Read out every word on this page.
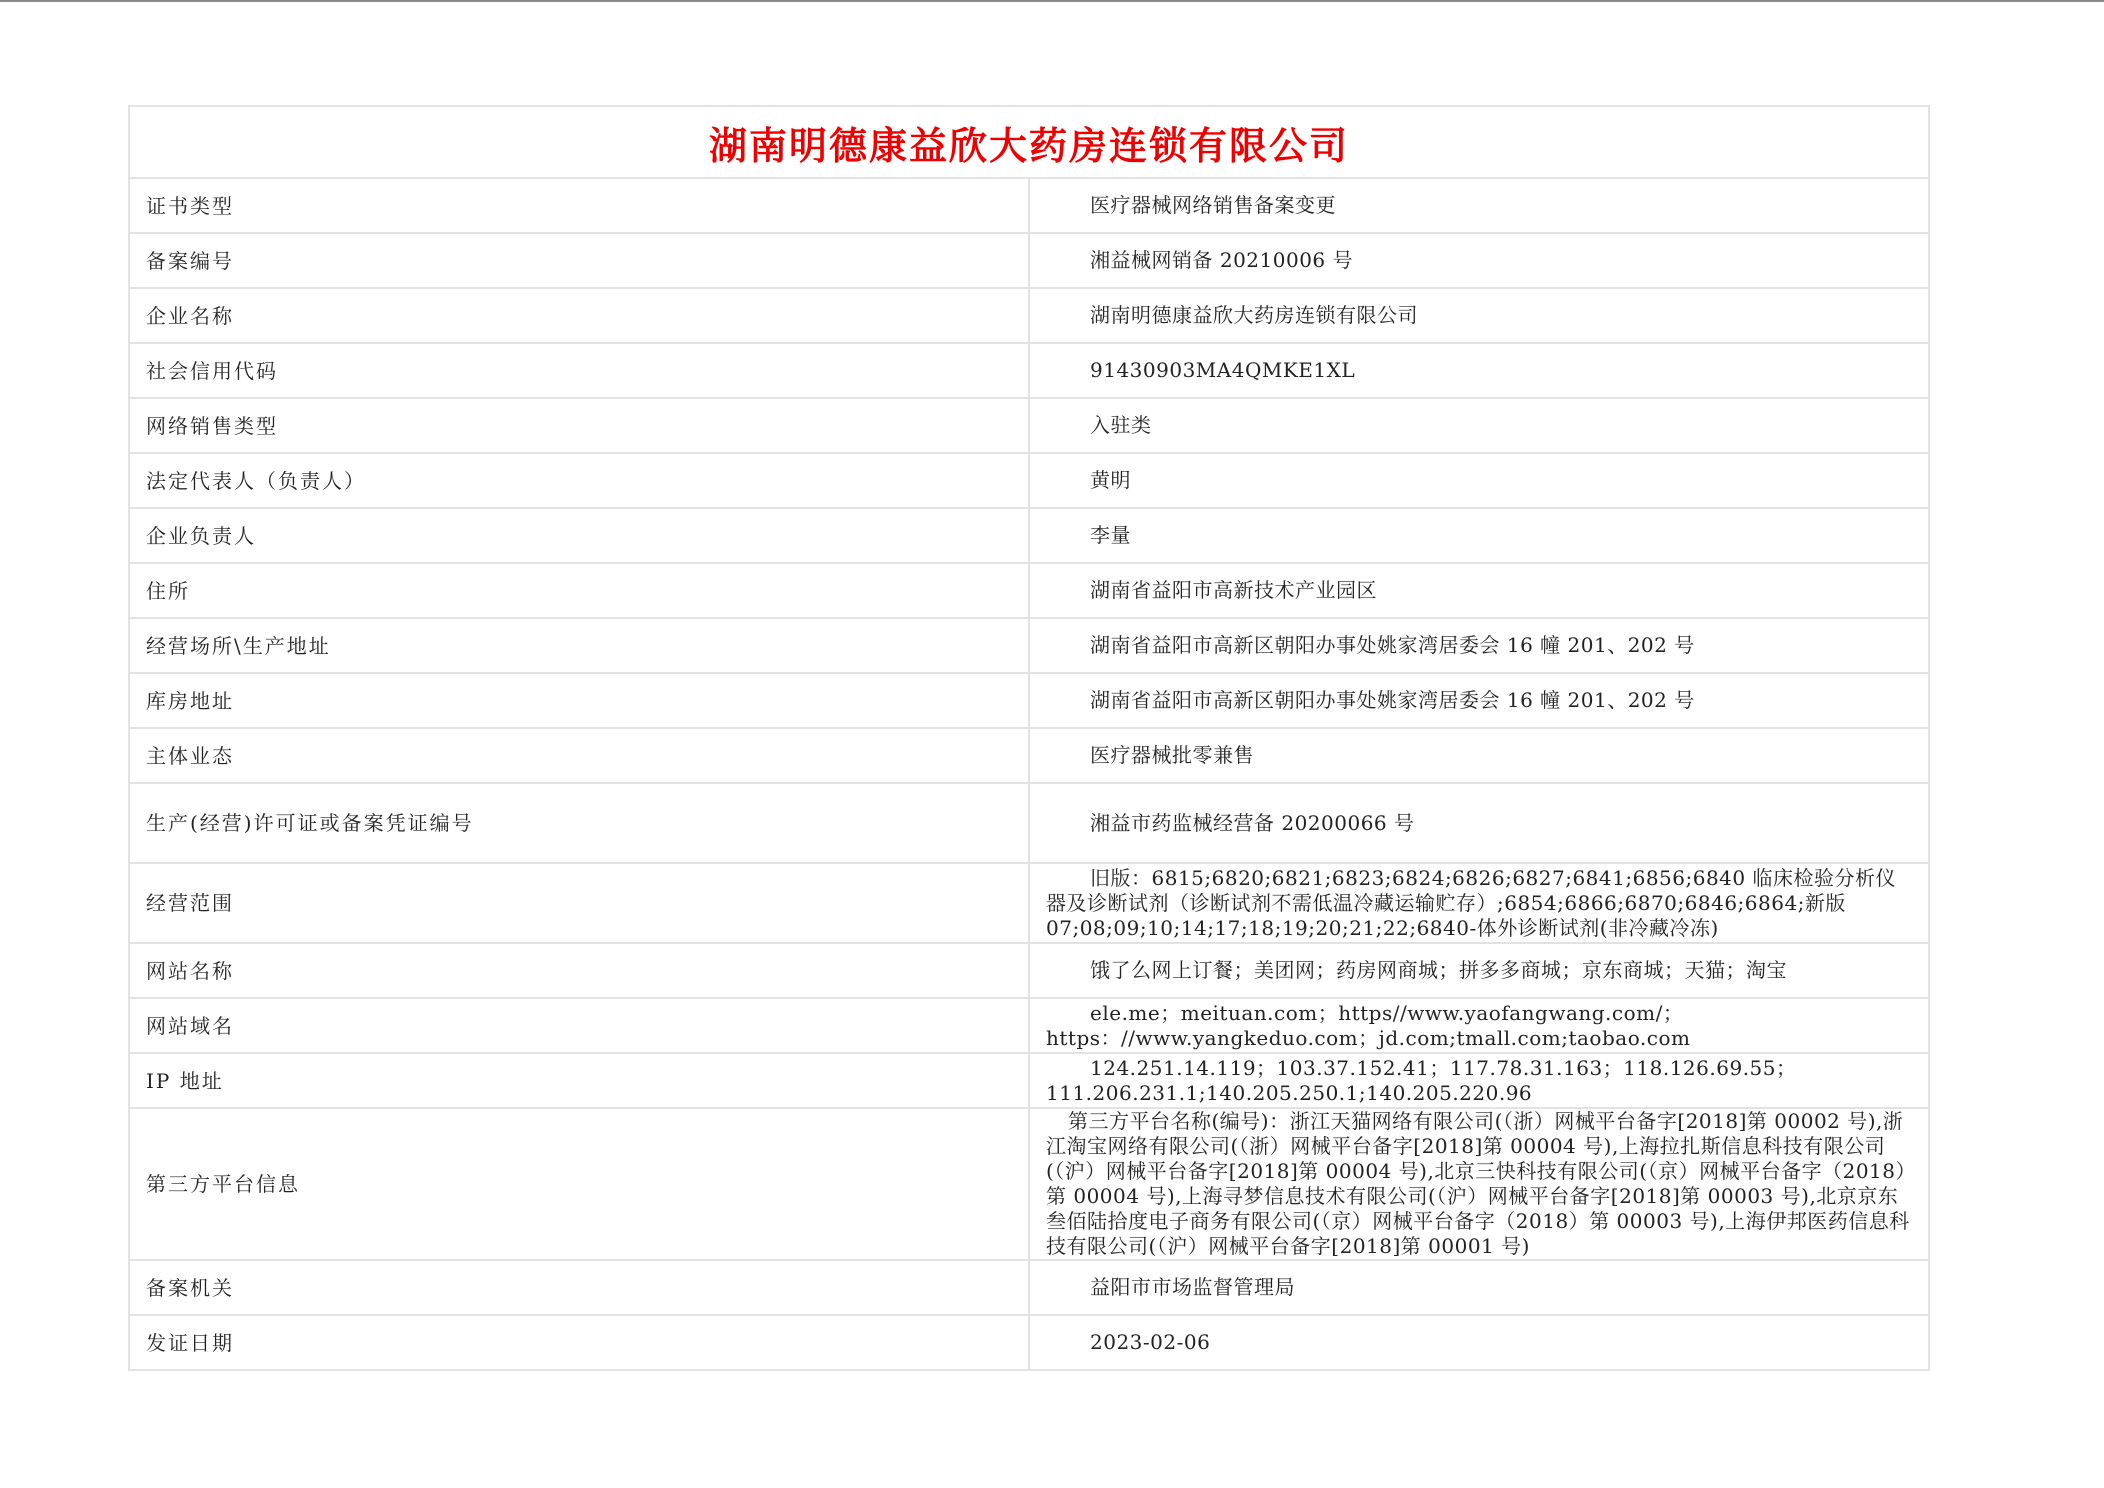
湖南明德康益欣大药房连锁有限公司	
证书类型	医疗器械网络销售备案变更
备案编号	湘益械网销备 20210006 号
企业名称	湖南明德康益欣大药房连锁有限公司
社会信用代码	91430903MA4QMKE1XL
网络销售类型	入驻类
法定代表人（负责人）	黄明
企业负责人	李量
住所	湖南省益阳市高新技术产业园区
经营场所\生产地址	湖南省益阳市高新区朝阳办事处姚家湾居委会 16 幢 201、202 号
库房地址	湖南省益阳市高新区朝阳办事处姚家湾居委会 16 幢 201、202 号
主体业态	医疗器械批零兼售
生产(经营)许可证或备案凭证编号	湘益市药监械经营备 20200066 号
经营范围	旧版：6815;6820;6821;6823;6824;6826;6827;6841;6856;6840 临床检验分析仪器及诊断试剂（诊断试剂不需低温冷藏运输贮存）;6854;6866;6870;6846;6864;新版 07;08;09;10;14;17;18;19;20;21;22;6840-体外诊断试剂(非冷藏冷冻)
网站名称	饿了么网上订餐；美团网；药房网商城；拼多多商城；京东商城；天猫；淘宝
网站域名	ele.me；meituan.com；https//www.yaofangwang.com/；https：//www.yangkeduo.com；jd.com;tmall.com;taobao.com
IP 地址	124.251.14.119；103.37.152.41；117.78.31.163；118.126.69.55；111.206.231.1;140.205.250.1;140.205.220.96
第三方平台信息	第三方平台名称(编号)：浙江天猫网络有限公司(（浙）网械平台备字[2018]第 00002 号),浙江淘宝网络有限公司(（浙）网械平台备字[2018]第 00004 号),上海拉扎斯信息科技有限公司(（沪）网械平台备字[2018]第 00004 号),北京三快科技有限公司(（京）网械平台备字（2018）第 00004 号),上海寻梦信息技术有限公司(（沪）网械平台备字[2018]第 00003 号),北京京东叁佰陆拾度电子商务有限公司(（京）网械平台备字（2018）第 00003 号),上海伊邦医药信息科技有限公司(（沪）网械平台备字[2018]第 00001 号)
备案机关	益阳市市场监督管理局
发证日期	2023-02-06
